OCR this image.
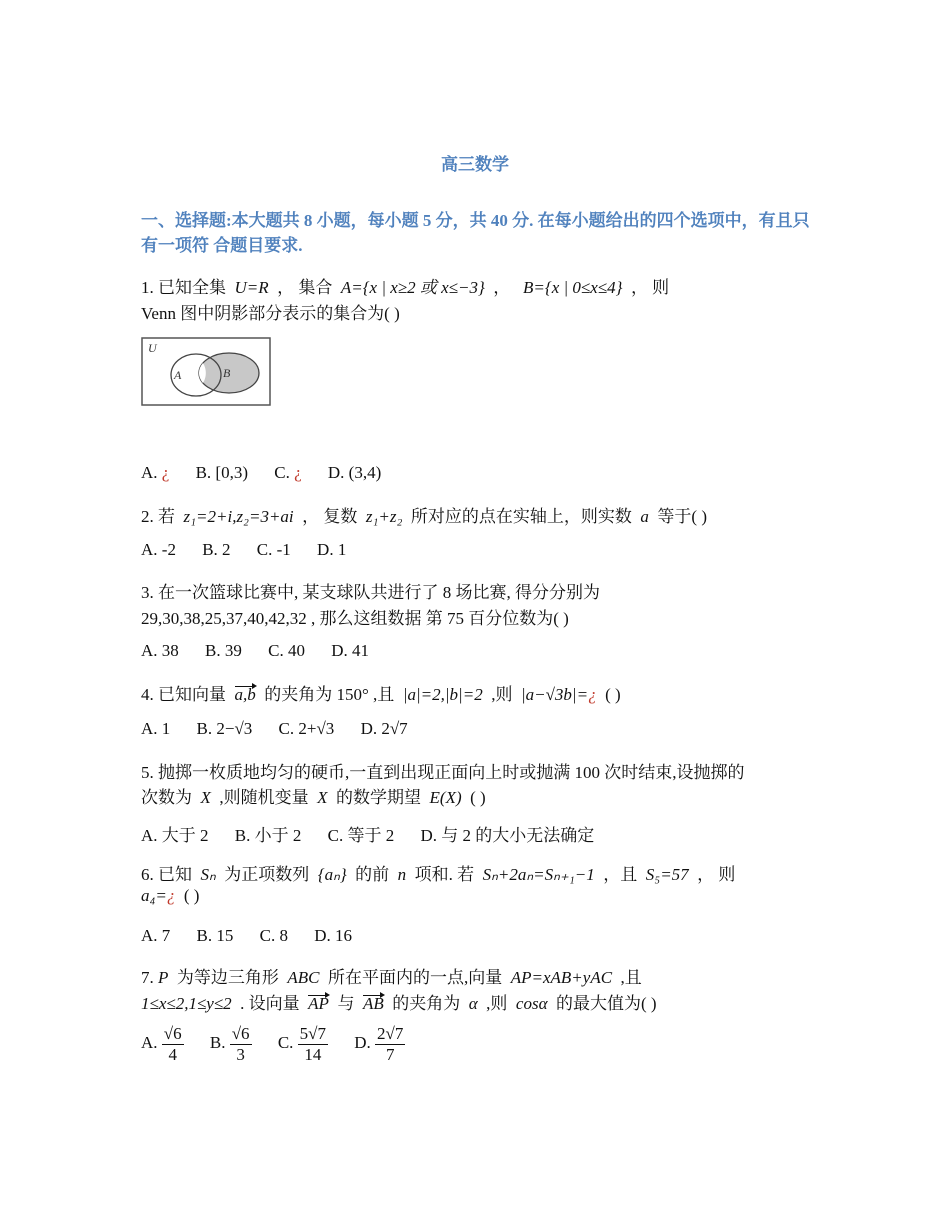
高三数学
一、选择题:本大题共 8 小题，每小题 5 分，共 40 分. 在每小题给出的四个选项中，有且只有一项符 合题目要求.
1. 已知全集 U=R ， 集合 A={x | x≥2 或 x≤−3} ， B={x | 0≤x≤4} ， 则
Venn 图中阴影部分表示的集合为( )
U
A	B
A. ¿ B. [0,3) C. ¿ D. (3,4)
2. 若 z₁=2+i,z₂=3+ai ， 复数 z₁+z₂ 所对应的点在实轴上，则实数 a 等于( )
A. -2 B. 2 C. -1 D. 1
3. 在一次篮球比赛中, 某支球队共进行了 8 场比赛, 得分分别为
29,30,38,25,37,40,42,32 , 那么这组数据 第 75 百分位数为( )
A. 38 B. 39 C. 40 D. 41
4. 已知向量 a,b 的夹角为 150° ,且 |a|=2,|b|=2 ,则 |a−√3b|=¿ ( )
A. 1 B. 2−√3 C. 2+√3 D. 2√7
5. 抛掷一枚质地均匀的硬币,一直到出现正面向上时或抛满 100 次时结束,设抛掷的
次数为 X ,则随机变量 X 的数学期望 E(X) ( )
A. 大于 2 B. 小于 2 C. 等于 2 D. 与 2 的大小无法确定
6. 已知 Sₙ 为正项数列 {aₙ} 的前 n 项和. 若 Sₙ+2aₙ=Sₙ₊₁−1 ，且 S₅=57 ， 则
a₄=¿ ( )
A. 7 B. 15 C. 8 D. 16
7. P 为等边三角形 ABC 所在平面内的一点,向量 AP=xAB+yAC ,且
1≤x≤2,1≤y≤2 . 设向量 AP 与 AB 的夹角为 α ,则 cosα 的最大值为( )
A. $\frac{√6}{4} B$. $\frac{√6}{3} C$. $\frac{5√7}{14} D$. $\frac{2√7}{7}$
